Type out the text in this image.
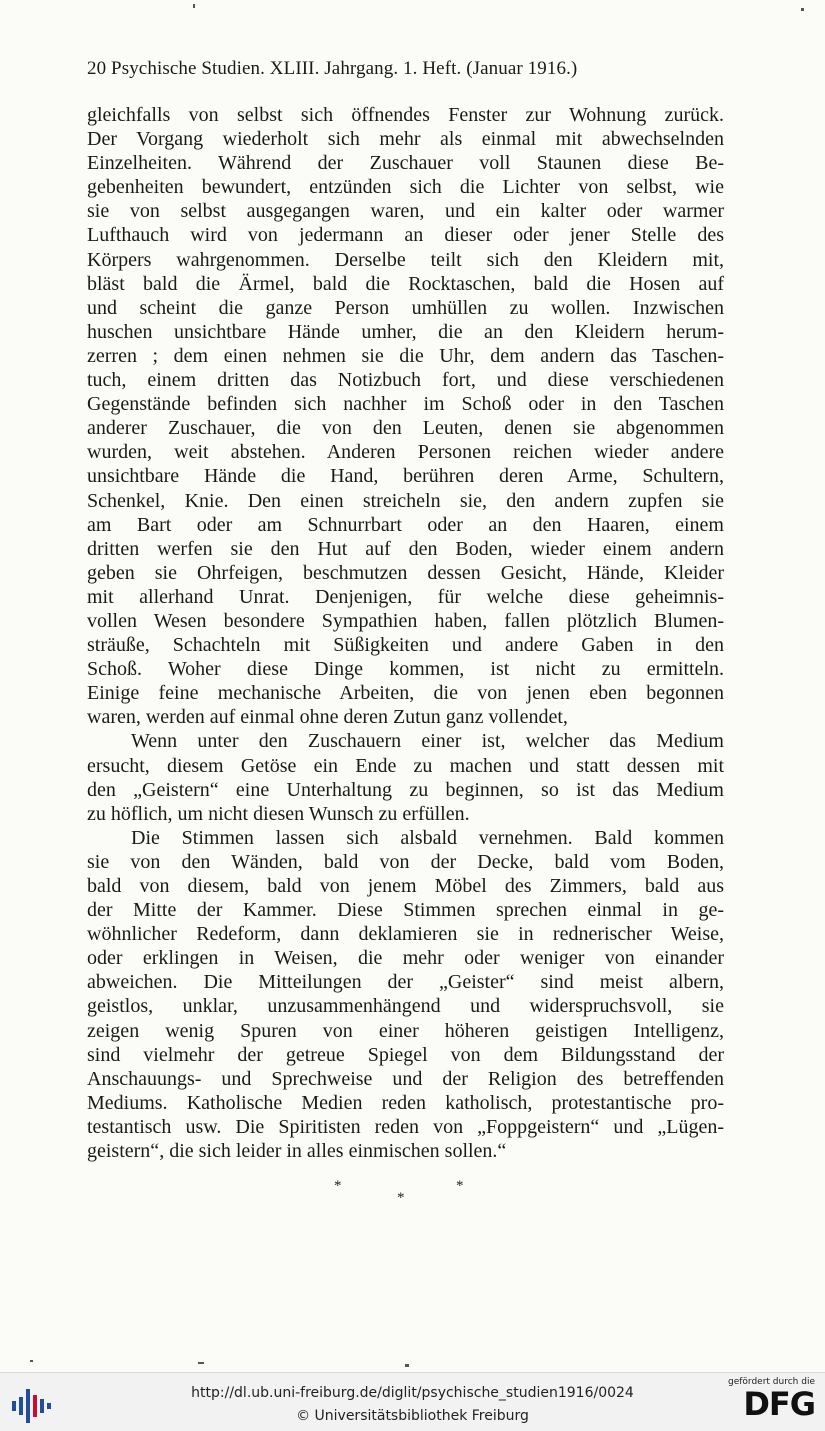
20 Psychische Studien. XLIII. Jahrgang. 1. Heft. (Januar 1916.)
gleichfalls von selbst sich öffnendes Fenster zur Wohnung zurück.
Der Vorgang wiederholt sich mehr als einmal mit abwechselnden
Einzelheiten. Während der Zuschauer voll Staunen diese Be-
gebenheiten bewundert, entzünden sich die Lichter von selbst, wie
sie von selbst ausgegangen waren, und ein kalter oder warmer
Lufthauch wird von jedermann an dieser oder jener Stelle des
Körpers wahrgenommen. Derselbe teilt sich den Kleidern mit,
bläst bald die Ärmel, bald die Rocktaschen, bald die Hosen auf
und scheint die ganze Person umhüllen zu wollen. Inzwischen
huschen unsichtbare Hände umher, die an den Kleidern herum-
zerren ; dem einen nehmen sie die Uhr, dem andern das Taschen-
tuch, einem dritten das Notizbuch fort, und diese verschiedenen
Gegenstände befinden sich nachher im Schoß oder in den Taschen
anderer Zuschauer, die von den Leuten, denen sie abgenommen
wurden, weit abstehen. Anderen Personen reichen wieder andere
unsichtbare Hände die Hand, berühren deren Arme, Schultern,
Schenkel, Knie. Den einen streicheln sie, den andern zupfen sie
am Bart oder am Schnurrbart oder an den Haaren, einem
dritten werfen sie den Hut auf den Boden, wieder einem andern
geben sie Ohrfeigen, beschmutzen dessen Gesicht, Hände, Kleider
mit allerhand Unrat. Denjenigen, für welche diese geheimnis-
vollen Wesen besondere Sympathien haben, fallen plötzlich Blumen-
sträuße, Schachteln mit Süßigkeiten und andere Gaben in den
Schoß. Woher diese Dinge kommen, ist nicht zu ermitteln.
Einige feine mechanische Arbeiten, die von jenen eben begonnen
waren, werden auf einmal ohne deren Zutun ganz vollendet,
Wenn unter den Zuschauern einer ist, welcher das Medium
ersucht, diesem Getöse ein Ende zu machen und statt dessen mit
den „Geistern“ eine Unterhaltung zu beginnen, so ist das Medium
zu höflich, um nicht diesen Wunsch zu erfüllen.
Die Stimmen lassen sich alsbald vernehmen. Bald kommen
sie von den Wänden, bald von der Decke, bald vom Boden,
bald von diesem, bald von jenem Möbel des Zimmers, bald aus
der Mitte der Kammer. Diese Stimmen sprechen einmal in ge-
wöhnlicher Redeform, dann deklamieren sie in rednerischer Weise,
oder erklingen in Weisen, die mehr oder weniger von einander
abweichen. Die Mitteilungen der „Geister“ sind meist albern,
geistlos, unklar, unzusammenhängend und widerspruchsvoll, sie
zeigen wenig Spuren von einer höheren geistigen Intelligenz,
sind vielmehr der getreue Spiegel von dem Bildungsstand der
Anschauungs- und Sprechweise und der Religion des betreffenden
Mediums. Katholische Medien reden katholisch, protestantische pro-
testantisch usw. Die Spiritisten reden von „Foppgeistern“ und „Lügen-
geistern“, die sich leider in alles einmischen sollen.“
*
*
*
http://dl.ub.uni-freiburg.de/diglit/psychische_studien1916/0024
© Universitätsbibliothek Freiburg
gefördert durch die
DFG
